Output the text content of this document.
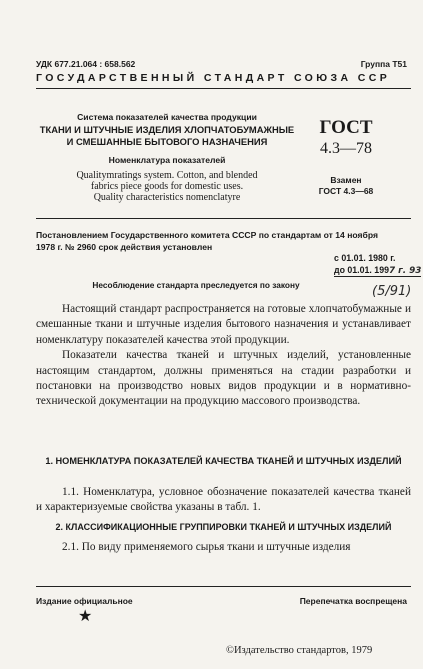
УДК 677.21.064 : 658.562	Группа Т51
ГОСУДАРСТВЕННЫЙ СТАНДАРТ СОЮЗА ССР
Система показателей качества продукции
ТКАНИ И ШТУЧНЫЕ ИЗДЕЛИЯ ХЛОПЧАТОБУМАЖНЫЕ
И СМЕШАННЫЕ БЫТОВОГО НАЗНАЧЕНИЯ
Номенклатура показателей
Qualitymratings system. Cotton, and blended
fabrics piece goods for domestic uses.
Quality characteristics nomenclatyre
ГОСТ
4.3—78
Взамен
ГОСТ 4.3—68
Постановлением Государственного комитета СССР по стандартам от 14 ноября
1978 г. № 2960 срок действия установлен
с 01.01. 1980 г.
до 01.01. 1997 г. 93
(5/91)
Несоблюдение стандарта преследуется по закону

Настоящий стандарт распространяется на готовые хлопчатобумажные и смешанные ткани и штучные изделия бытового назначения и устанавливает номенклатуру показателей качества этой продукции.

Показатели качества тканей и штучных изделий, установленные настоящим стандартом, должны применяться на стадии разработки и постановки на производство новых видов продукции и в нормативно-технической документации на продукцию массового производства.

1. НОМЕНКЛАТУРА ПОКАЗАТЕЛЕЙ КАЧЕСТВА ТКАНЕЙ И ШТУЧНЫХ ИЗДЕЛИЙ

1.1. Номенклатура, условное обозначение показателей качества тканей и характеризуемые свойства указаны в табл. 1.

2. КЛАССИФИКАЦИОННЫЕ ГРУППИРОВКИ ТКАНЕЙ И ШТУЧНЫХ ИЗДЕЛИЙ

2.1. По виду применяемого сырья ткани и штучные изделия

Издание официальное	Перепечатка воспрещена
★
©Издательство стандартов, 1979
